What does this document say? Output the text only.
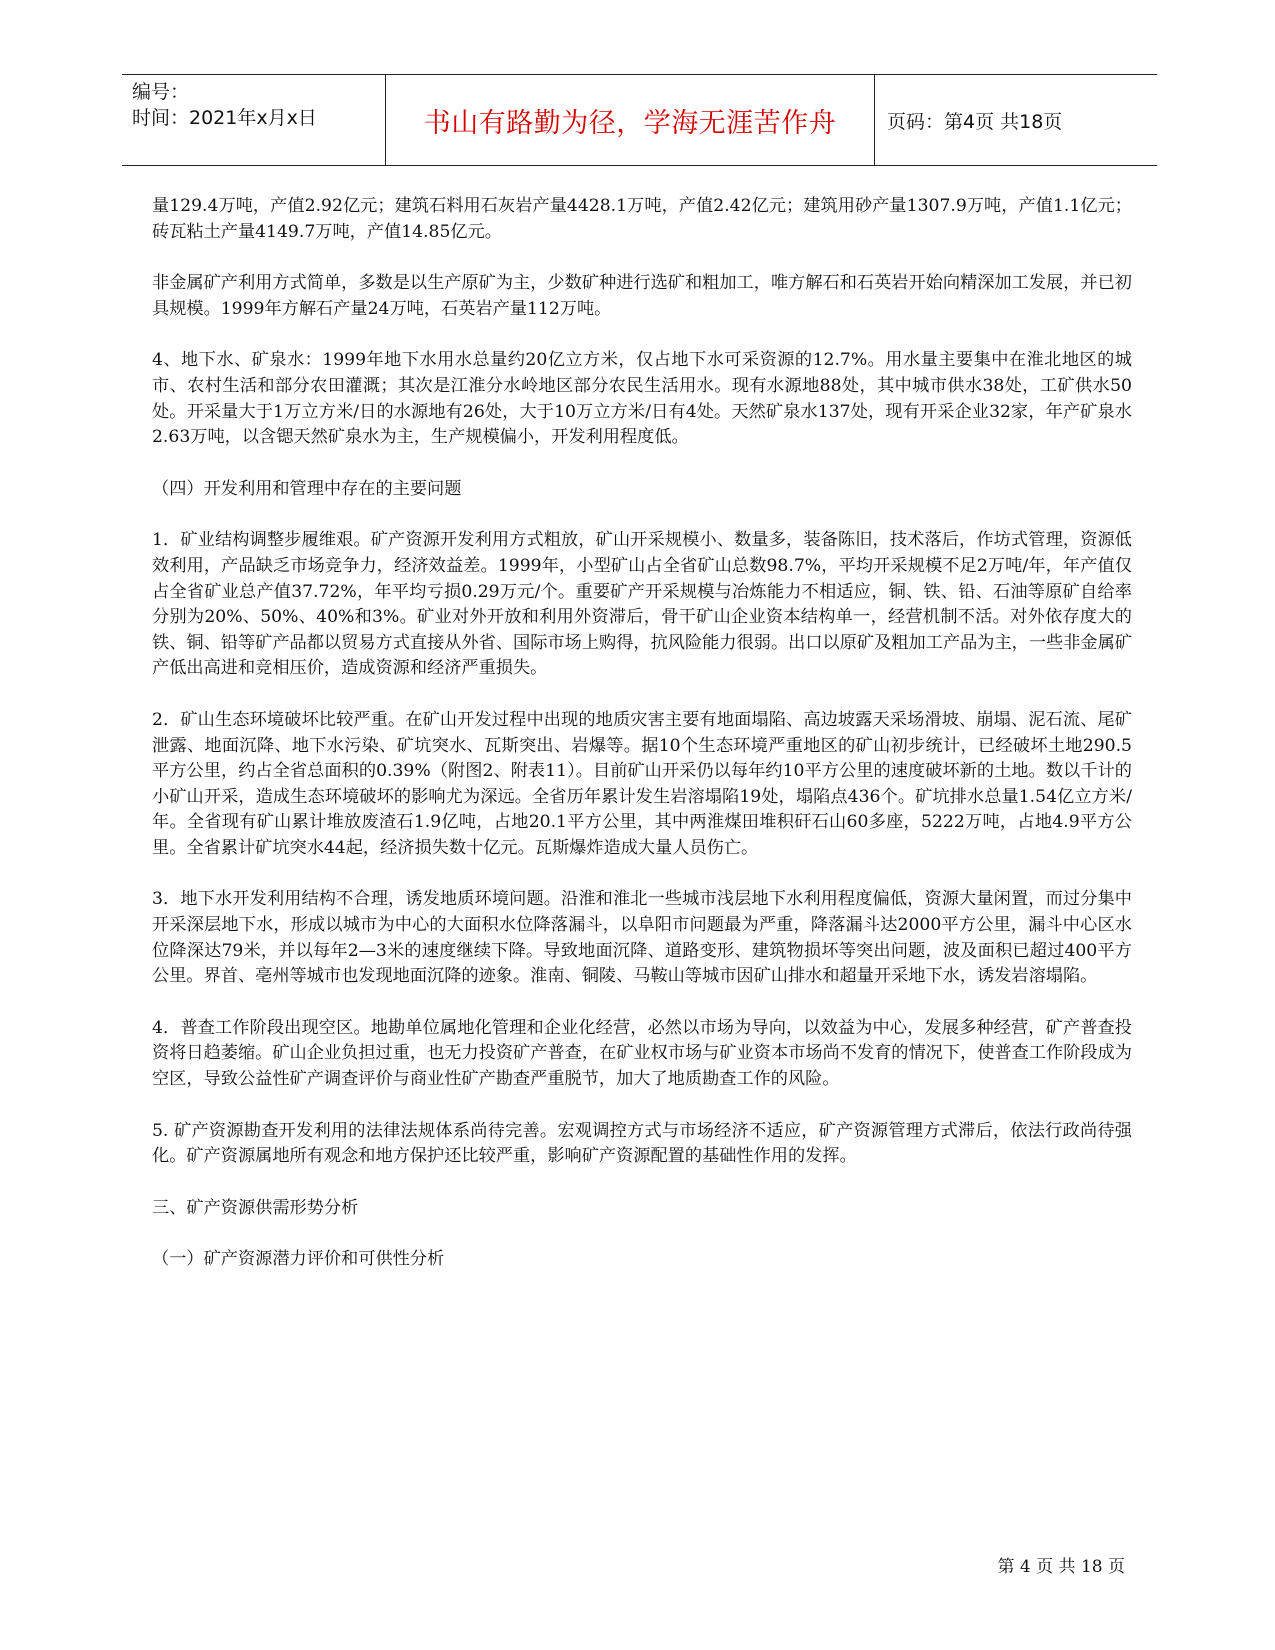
编号：
时间：2021年x月x日	书山有路勤为径，学海无涯苦作舟	页码：第4页 共18页

量129.4万吨，产值2.92亿元；建筑石料用石灰岩产量4428.1万吨，产值2.42亿元；建筑用砂产量1307.9万吨，产值1.1亿元；砖瓦粘土产量4149.7万吨，产值14.85亿元。

非金属矿产利用方式简单，多数是以生产原矿为主，少数矿种进行选矿和粗加工，唯方解石和石英岩开始向精深加工发展，并已初具规模。1999年方解石产量24万吨，石英岩产量112万吨。

4、地下水、矿泉水：1999年地下水用水总量约20亿立方米，仅占地下水可采资源的12.7%。用水量主要集中在淮北地区的城市、农村生活和部分农田灌溉；其次是江淮分水岭地区部分农民生活用水。现有水源地88处，其中城市供水38处，工矿供水50处。开采量大于1万立方米/日的水源地有26处，大于10万立方米/日有4处。天然矿泉水137处，现有开采企业32家，年产矿泉水2.63万吨，以含锶天然矿泉水为主，生产规模偏小，开发利用程度低。

（四）开发利用和管理中存在的主要问题

1．矿业结构调整步履维艰。矿产资源开发利用方式粗放，矿山开采规模小、数量多，装备陈旧，技术落后，作坊式管理，资源低效利用，产品缺乏市场竞争力，经济效益差。1999年，小型矿山占全省矿山总数98.7%，平均开采规模不足2万吨/年，年产值仅占全省矿业总产值37.72%，年平均亏损0.29万元/个。重要矿产开采规模与冶炼能力不相适应，铜、铁、铅、石油等原矿自给率分别为20%、50%、40%和3%。矿业对外开放和利用外资滞后，骨干矿山企业资本结构单一，经营机制不活。对外依存度大的铁、铜、铅等矿产品都以贸易方式直接从外省、国际市场上购得，抗风险能力很弱。出口以原矿及粗加工产品为主，一些非金属矿产低出高进和竞相压价，造成资源和经济严重损失。

2．矿山生态环境破坏比较严重。在矿山开发过程中出现的地质灾害主要有地面塌陷、高边坡露天采场滑坡、崩塌、泥石流、尾矿泄露、地面沉降、地下水污染、矿坑突水、瓦斯突出、岩爆等。据10个生态环境严重地区的矿山初步统计，已经破坏土地290.5平方公里，约占全省总面积的0.39%（附图2、附表11）。目前矿山开采仍以每年约10平方公里的速度破坏新的土地。数以千计的小矿山开采，造成生态环境破坏的影响尤为深远。全省历年累计发生岩溶塌陷19处，塌陷点436个。矿坑排水总量1.54亿立方米/年。全省现有矿山累计堆放废渣石1.9亿吨，占地20.1平方公里，其中两淮煤田堆积矸石山60多座，5222万吨，占地4.9平方公里。全省累计矿坑突水44起，经济损失数十亿元。瓦斯爆炸造成大量人员伤亡。

3．地下水开发利用结构不合理，诱发地质环境问题。沿淮和淮北一些城市浅层地下水利用程度偏低，资源大量闲置，而过分集中开采深层地下水，形成以城市为中心的大面积水位降落漏斗，以阜阳市问题最为严重，降落漏斗达2000平方公里，漏斗中心区水位降深达79米，并以每年2—3米的速度继续下降。导致地面沉降、道路变形、建筑物损坏等突出问题，波及面积已超过400平方公里。界首、亳州等城市也发现地面沉降的迹象。淮南、铜陵、马鞍山等城市因矿山排水和超量开采地下水，诱发岩溶塌陷。

4．普查工作阶段出现空区。地勘单位属地化管理和企业化经营，必然以市场为导向，以效益为中心，发展多种经营，矿产普查投资将日趋萎缩。矿山企业负担过重，也无力投资矿产普查，在矿业权市场与矿业资本市场尚不发育的情况下，使普查工作阶段成为空区，导致公益性矿产调查评价与商业性矿产勘查严重脱节，加大了地质勘查工作的风险。

5. 矿产资源勘查开发利用的法律法规体系尚待完善。宏观调控方式与市场经济不适应，矿产资源管理方式滞后，依法行政尚待强化。矿产资源属地所有观念和地方保护还比较严重，影响矿产资源配置的基础性作用的发挥。

三、矿产资源供需形势分析

（一）矿产资源潜力评价和可供性分析

第 4 页 共 18 页
